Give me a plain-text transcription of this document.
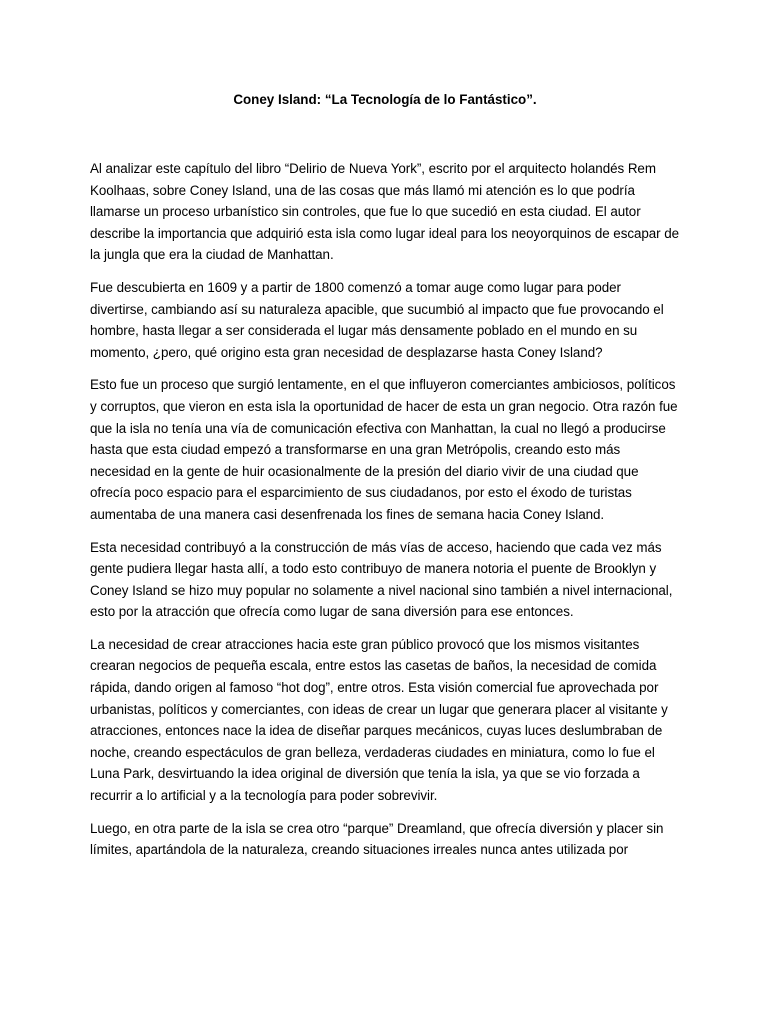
Coney Island: “La Tecnología de lo Fantástico”.

Al analizar este capítulo del libro “Delirio de Nueva York”, escrito por el arquitecto holandés Rem Koolhaas, sobre Coney Island, una de las cosas que más llamó mi atención es lo que podría llamarse un proceso urbanístico sin controles, que fue lo que sucedió en esta ciudad. El autor describe la importancia que adquirió esta isla como lugar ideal para los neoyorquinos de escapar de la jungla que era la ciudad de Manhattan.

Fue descubierta en 1609 y a partir de 1800 comenzó a tomar auge como lugar para poder divertirse, cambiando así su naturaleza apacible, que sucumbió al impacto que fue provocando el hombre, hasta llegar a ser considerada el lugar más densamente poblado en el mundo en su momento, ¿pero, qué origino esta gran necesidad de desplazarse hasta Coney Island?

Esto fue un proceso que surgió lentamente, en el que influyeron comerciantes ambiciosos, políticos y corruptos, que vieron en esta isla la oportunidad de hacer de esta un gran negocio. Otra razón fue que la isla no tenía una vía de comunicación efectiva con Manhattan, la cual no llegó a producirse hasta que esta ciudad empezó a transformarse en una gran Metrópolis, creando esto más necesidad en la gente de huir ocasionalmente de la presión del diario vivir de una ciudad que ofrecía poco espacio para el esparcimiento de sus ciudadanos, por esto el éxodo de turistas aumentaba de una manera casi desenfrenada los fines de semana hacia Coney Island.

Esta necesidad contribuyó a la construcción de más vías de acceso, haciendo que cada vez más gente pudiera llegar hasta allí, a todo esto contribuyo de manera notoria el puente de Brooklyn y Coney Island se hizo muy popular no solamente a nivel nacional sino también a nivel internacional, esto por la atracción que ofrecía como lugar de sana diversión para ese entonces.

La necesidad de crear atracciones hacia este gran público provocó que los mismos visitantes crearan negocios de pequeña escala, entre estos las casetas de baños, la necesidad de comida rápida, dando origen al famoso “hot dog”, entre otros. Esta visión comercial fue aprovechada por urbanistas, políticos y comerciantes, con ideas de crear un lugar que generara placer al visitante y atracciones, entonces nace la idea de diseñar parques mecánicos, cuyas luces deslumbraban de noche, creando espectáculos de gran belleza, verdaderas ciudades en miniatura, como lo fue el Luna Park, desvirtuando la idea original de diversión que tenía la isla, ya que se vio forzada a recurrir a lo artificial y a la tecnología para poder sobrevivir.

Luego, en otra parte de la isla se crea otro “parque” Dreamland, que ofrecía diversión y placer sin límites, apartándola de la naturaleza, creando situaciones irreales nunca antes utilizada por
